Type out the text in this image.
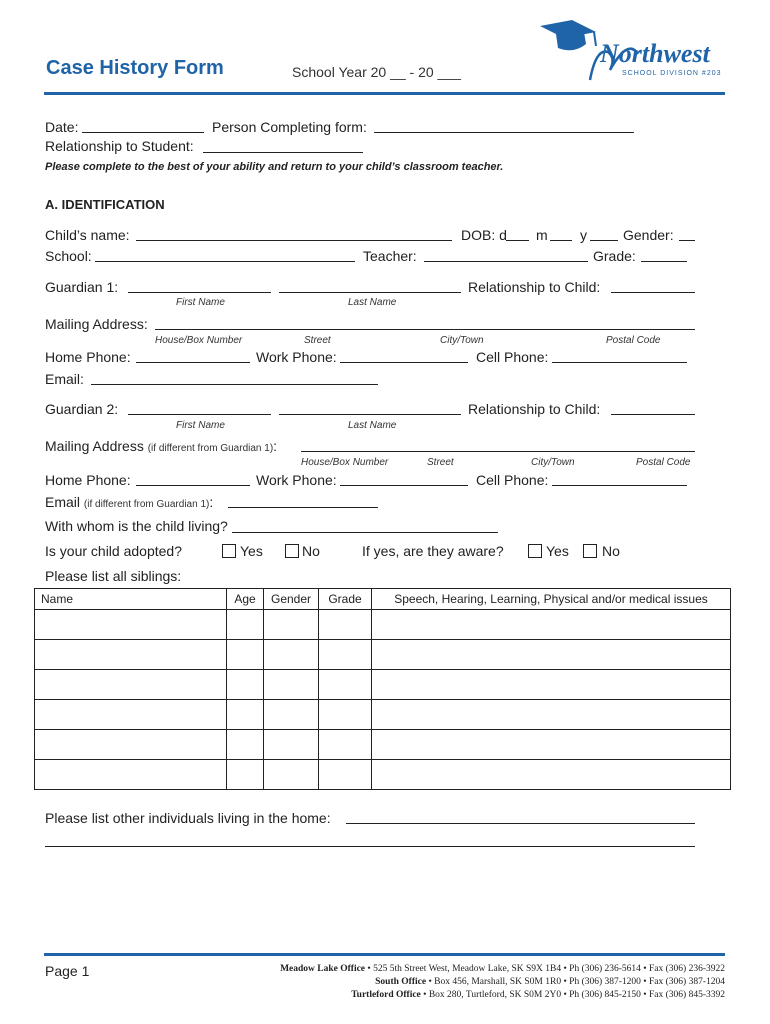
Case History Form	School Year 20 __ - 20 ___
Northwest
SCHOOL DIVISION #203
Date:	Person Completing form:
Relationship to Student:
Please complete to the best of your ability and return to your child’s classroom teacher.
A. IDENTIFICATION
Child’s name:	DOB: d m y	Gender:
School:	Teacher:	Grade:
Guardian 1:	Relationship to Child:
First Name	Last Name
Mailing Address:
House/Box Number	Street	City/Town	Postal Code
Home Phone:	Work Phone:	Cell Phone:
Email:
Guardian 2:	Relationship to Child:
First Name	Last Name
Mailing Address (if different from Guardian 1):
House/Box Number	Street	City/Town	Postal Code
Home Phone:	Work Phone:	Cell Phone:
Email (if different from Guardian 1):
With whom is the child living?
Is your child adopted?	Yes	No	If yes, are they aware?	Yes No
Please list all siblings:
Name	Age	Gender	Grade	Speech, Hearing, Learning, Physical and/or medical issues

Please list other individuals living in the home:
Page 1	Meadow Lake Office • 525 5th Street West, Meadow Lake, SK S9X 1B4 • Ph (306) 236-5614 • Fax (306) 236-3922
South Office • Box 456, Marshall, SK S0M 1R0 • Ph (306) 387-1200 • Fax (306) 387-1204
Turtleford Office • Box 280, Turtleford, SK S0M 2Y0 • Ph (306) 845-2150 • Fax (306) 845-3392
